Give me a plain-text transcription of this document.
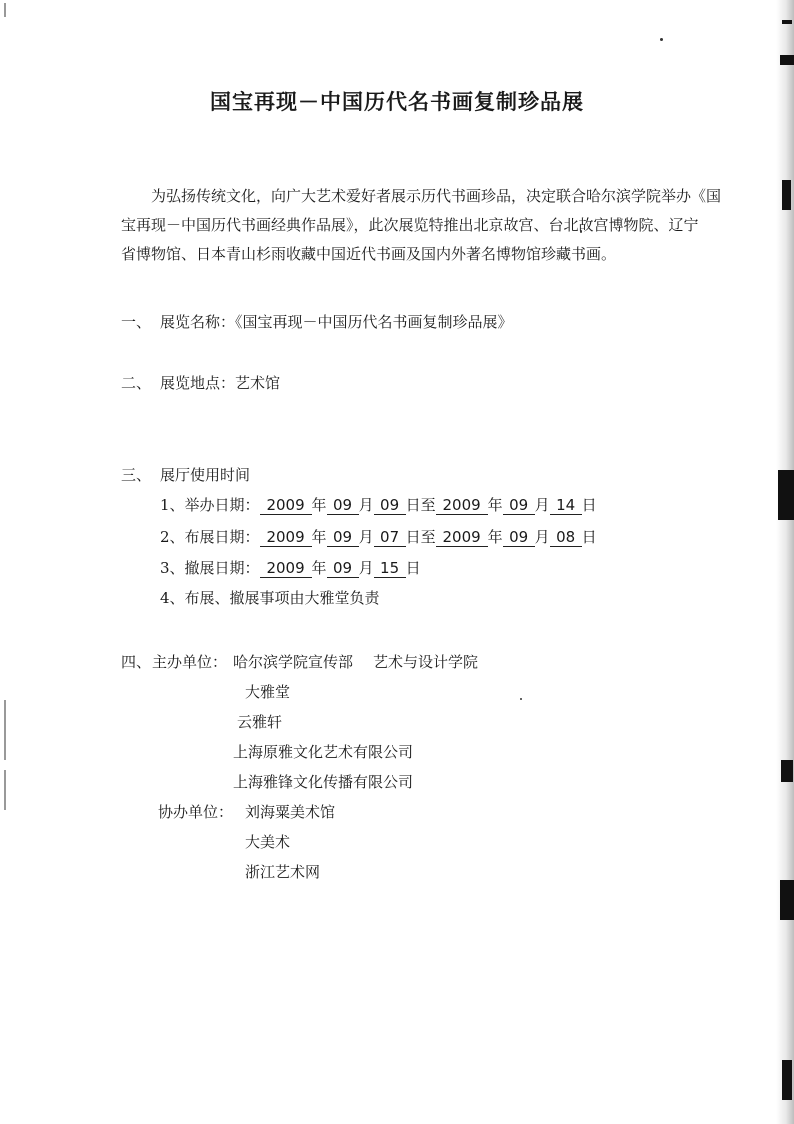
国宝再现－中国历代名书画复制珍品展

为弘扬传统文化，向广大艺术爱好者展示历代书画珍品，决定联合哈尔滨学院举办《国

宝再现－中国历代书画经典作品展》，此次展览特推出北京故宫、台北故宫博物院、辽宁

省博物馆、日本青山杉雨收藏中国近代书画及国内外著名博物馆珍藏书画。

一、 展览名称：《国宝再现－中国历代名书画复制珍品展》
二、 展览地点：艺术馆
三、 展厅使用时间
1、举办日期： 2009 年 09 月 09 日至 2009 年 09 月 14 日
2、布展日期： 2009 年 09 月 07 日至 2009 年 09 月 08 日
3、撤展日期： 2009 年 09 月 15 日
4、布展、撤展事项由大雅堂负责
四、 主办单位： 哈尔滨学院宣传部 艺术与设计学院
大雅堂
云雅轩
上海原雅文化艺术有限公司
上海雅锋文化传播有限公司
协办单位： 刘海粟美术馆
大美术
浙江艺术网
